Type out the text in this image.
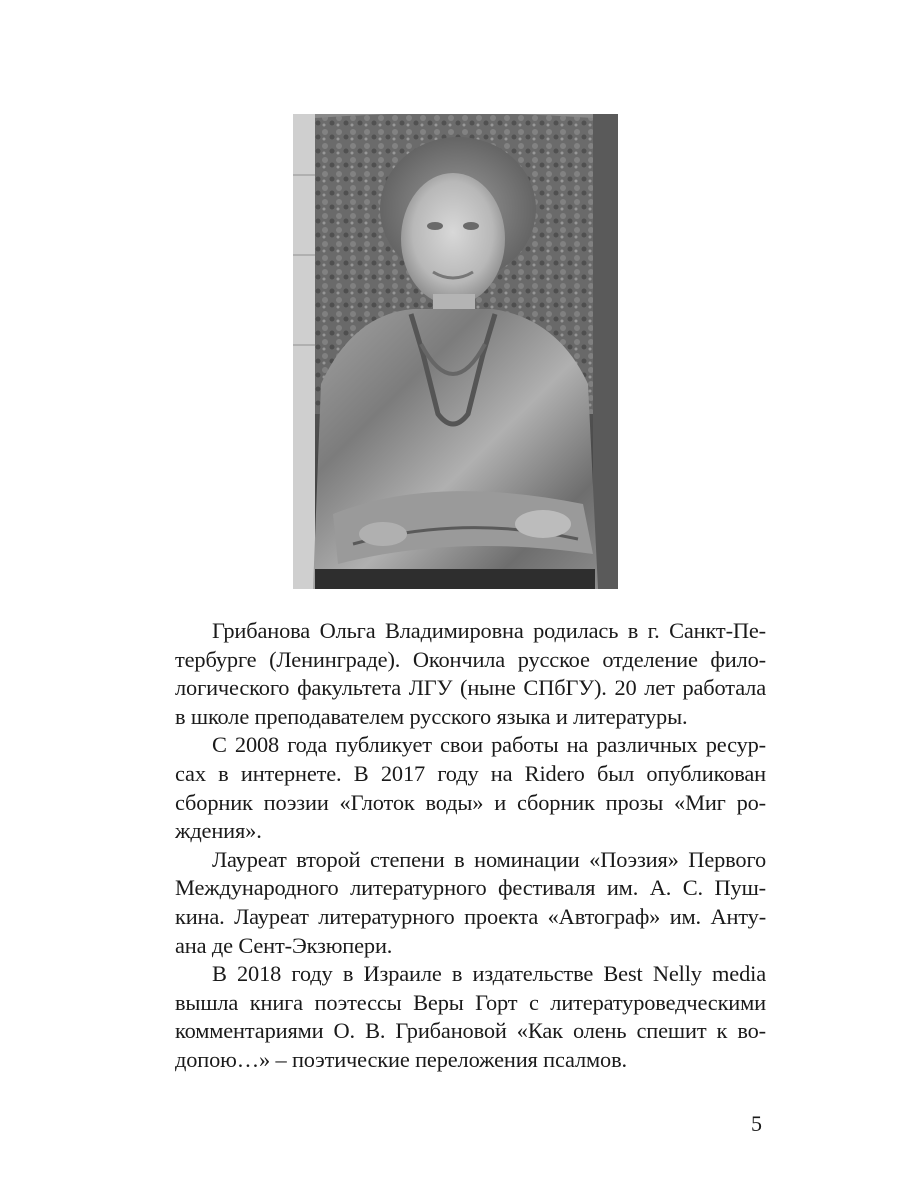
Грибанова Ольга Владимировна родилась в г. Санкт-Пе-
тербурге (Ленинграде). Окончила русское отделение фило-
логического факультета ЛГУ (ныне СПбГУ). 20 лет работала
в школе преподавателем русского языка и литературы.

С 2008 года публикует свои работы на различных ресур-
сах в интернете. В 2017 году на Ridero был опубликован
сборник поэзии «Глоток воды» и сборник прозы «Миг ро-
ждения».

Лауреат второй степени в номинации «Поэзия» Первого
Международного литературного фестиваля им. А. С. Пуш-
кина. Лауреат литературного проекта «Автограф» им. Анту-
ана де Сент-Экзюпери.

В 2018 году в Израиле в издательстве Best Nelly media
вышла книга поэтессы Веры Горт с литературоведческими
комментариями О. В. Грибановой «Как олень спешит к во-
допою…» – поэтические переложения псалмов.

5
